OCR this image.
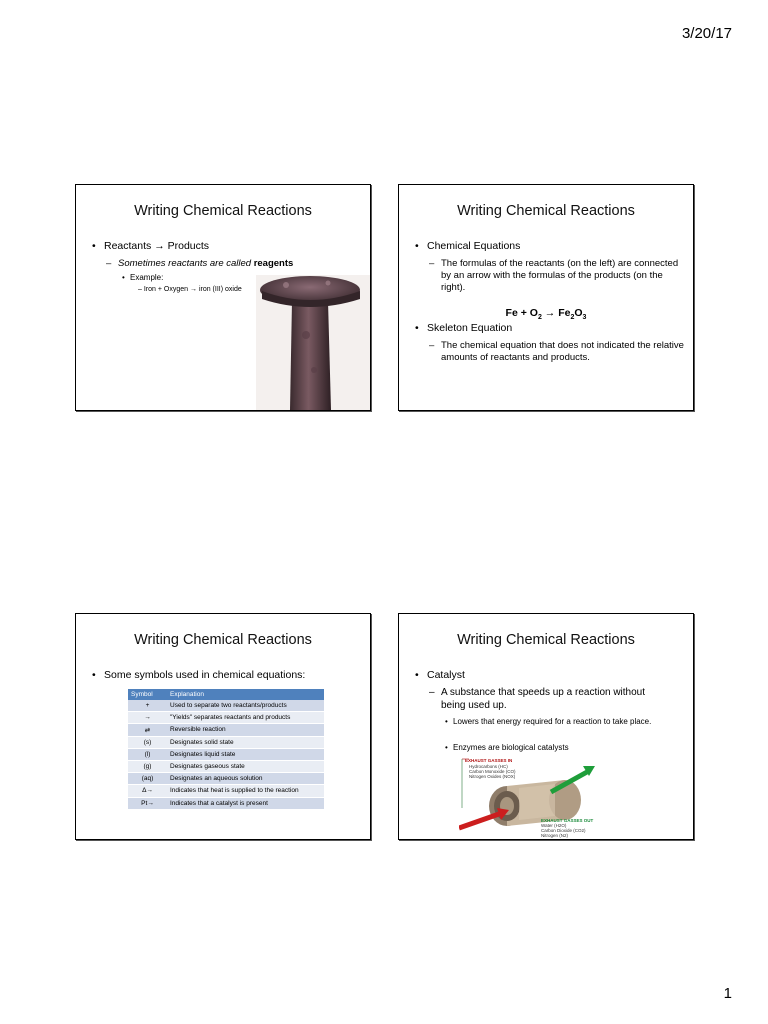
3/20/17
Writing Chemical Reactions
• Reactants → Products
– Sometimes reactants are called reagents
• Example:
– Iron + Oxygen → iron (III) oxide
Writing Chemical Reactions
• Chemical Equations
– The formulas of the reactants (on the left) are connected by an arrow with the formulas of the products (on the right).
$Fe + O_2 \to Fe_2O_3$
• Skeleton Equation
– The chemical equation that does not indicated the relative amounts of reactants and products.
Writing Chemical Reactions
• Some symbols used in chemical equations:
Symbol	Explanation
+	Used to separate two reactants/products
→	"Yields" separates reactants and products
⇄	Reversible reaction
(s)	Designates solid state
(l)	Designates liquid state
(g)	Designates gaseous state
(aq)	Designates an aqueous solution
Δ→	Indicates that heat is supplied to the reaction
Pt→	Indicates that a catalyst is present
Writing Chemical Reactions
• Catalyst
– A substance that speeds up a reaction without being used up.
• Lowers that energy required for a reaction to take place.
• Enzymes are biological catalysts
EXHAUST GASSES IN
Hydrocarbons (HC)
Carbon Monoxide (CO)
Nitrogen Oxides (NOX)
EXHAUST GASSES OUT
Water (H2O)
Carbon Dioxide (CO2)
Nitrogen (N2)
1
